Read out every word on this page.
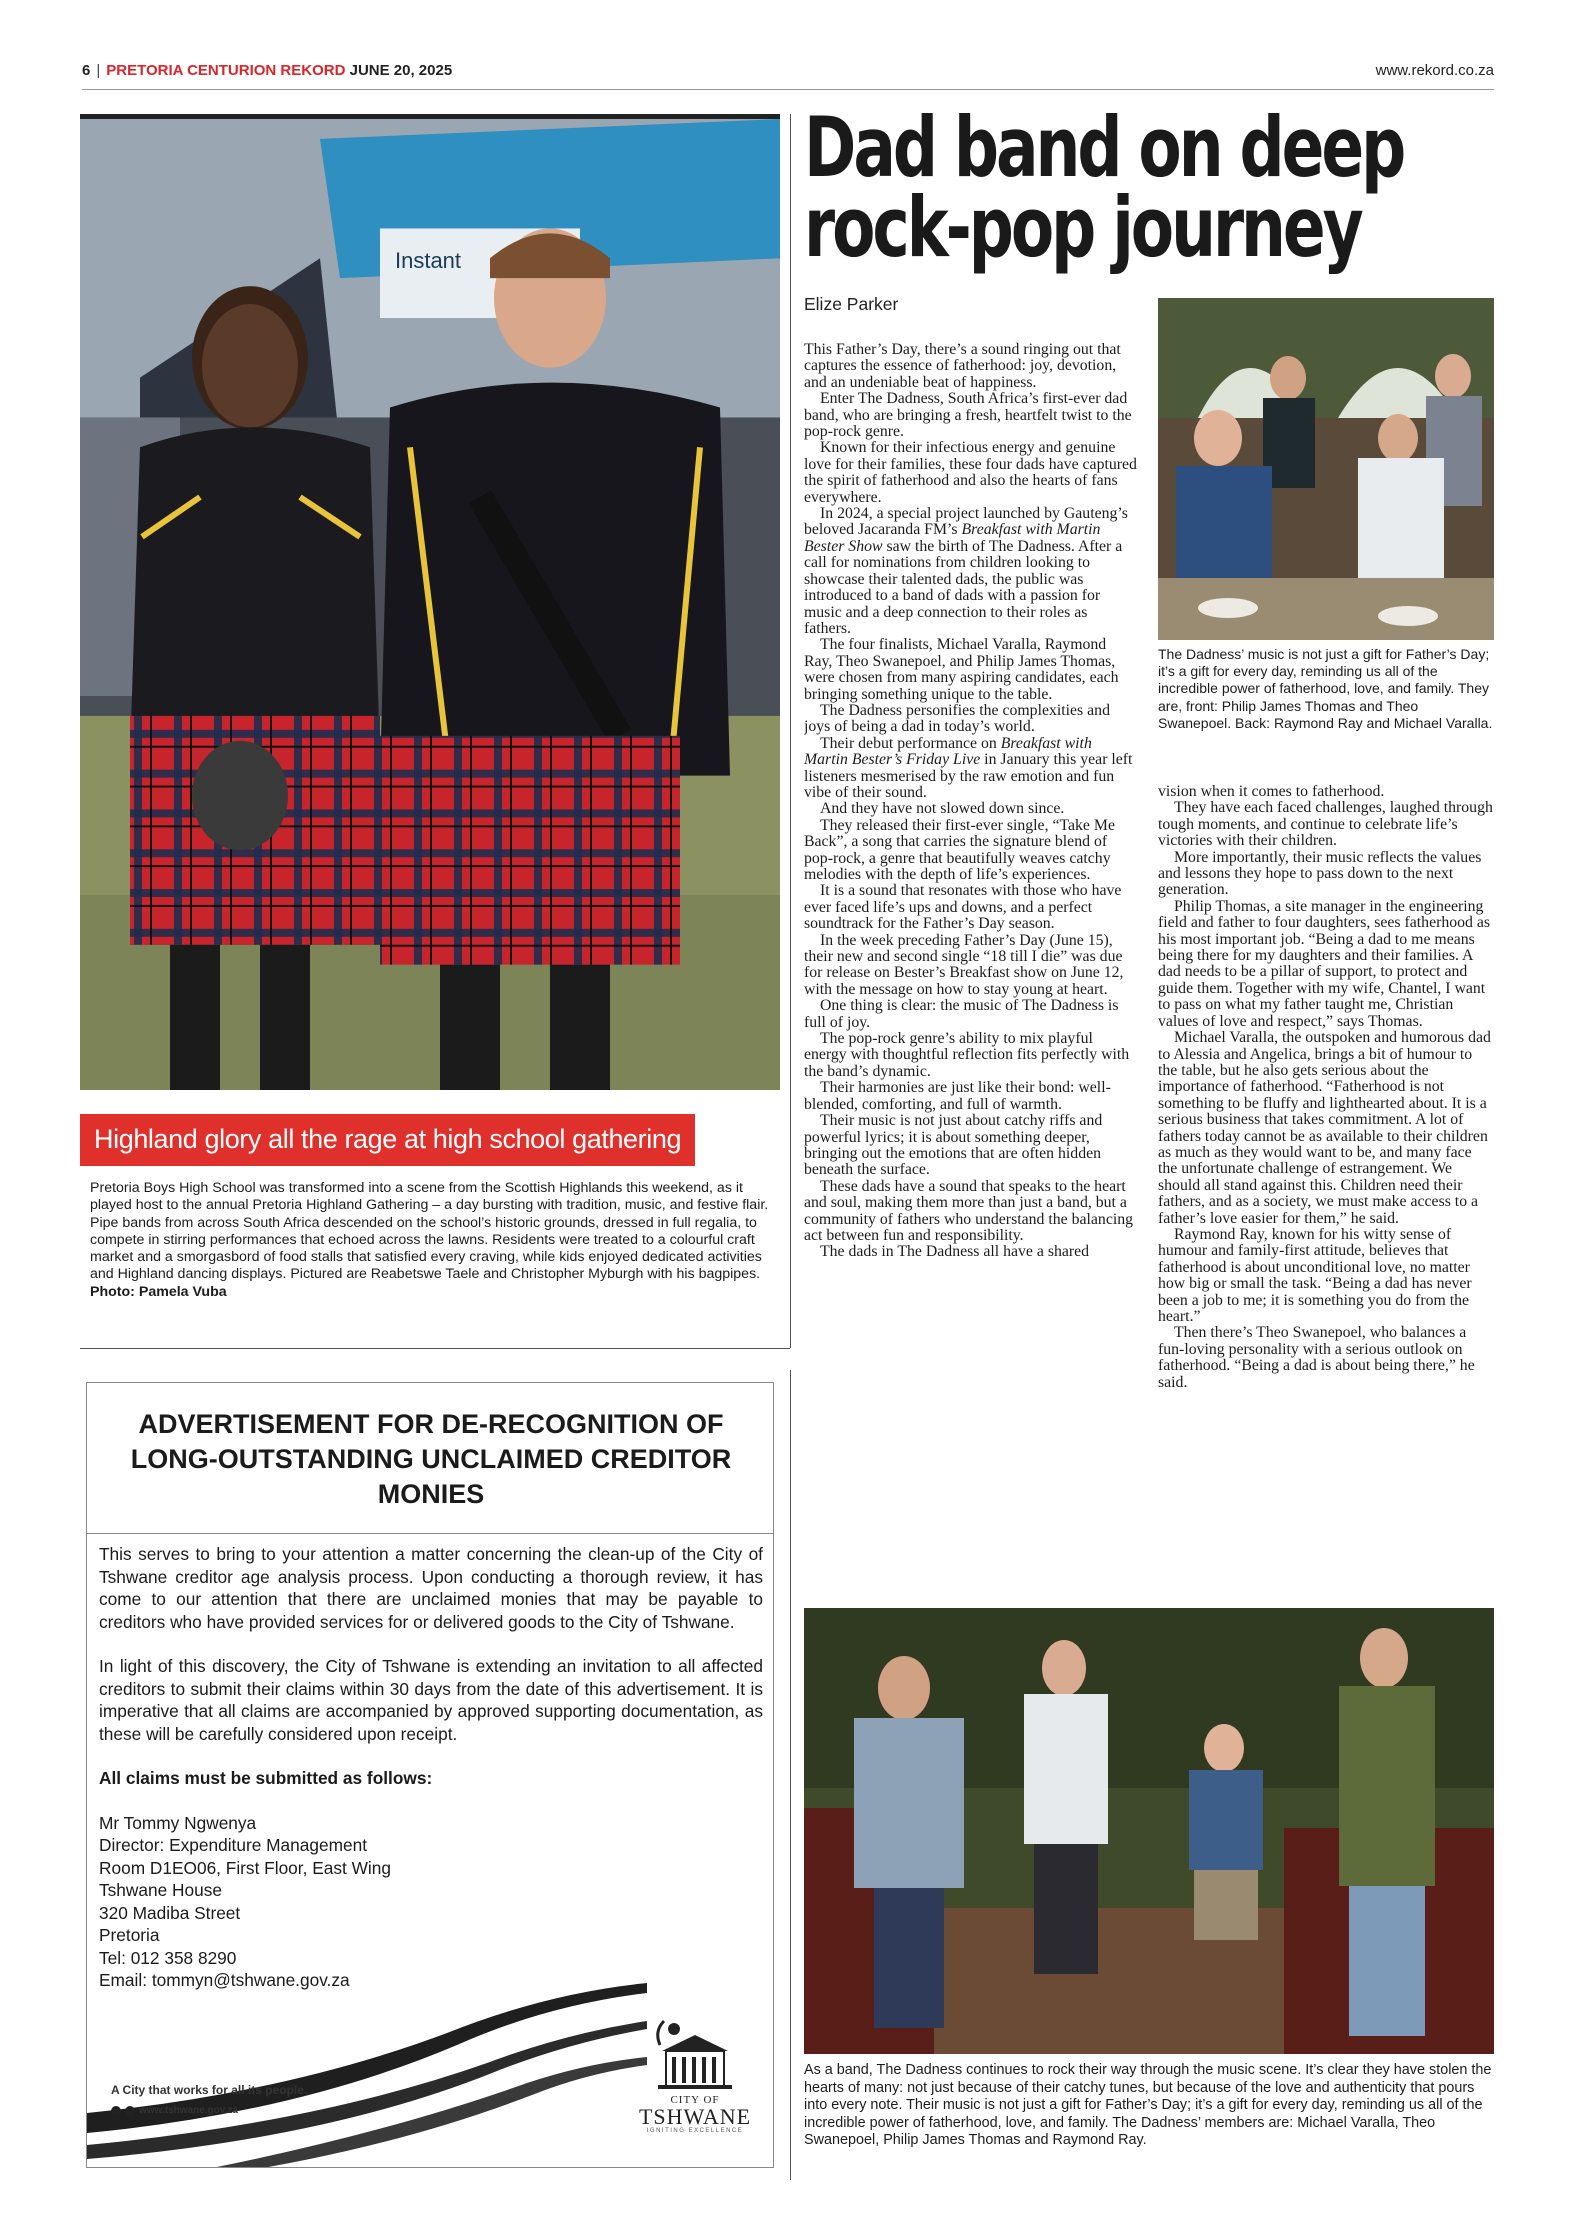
6 | PRETORIA CENTURION REKORD JUNE 20, 2025	www.rekord.co.za
Instant
Highland glory all the rage at high school gathering
Pretoria Boys High School was transformed into a scene from the Scottish Highlands this weekend, as it played host to the annual Pretoria Highland Gathering – a day bursting with tradition, music, and festive flair. Pipe bands from across South Africa descended on the school’s historic grounds, dressed in full regalia, to compete in stirring performances that echoed across the lawns. Residents were treated to a colourful craft market and a smorgasbord of food stalls that satisfied every craving, while kids enjoyed dedicated activities and Highland dancing displays. Pictured are Reabetswe Taele and Christopher Myburgh with his bagpipes. Photo: Pamela Vuba
ADVERTISEMENT FOR DE-RECOGNITION OF LONG-OUTSTANDING UNCLAIMED CREDITOR MONIES

This serves to bring to your attention a matter concerning the clean-up of the City of Tshwane creditor age analysis process. Upon conducting a thorough review, it has come to our attention that there are unclaimed monies that may be payable to creditors who have provided services for or delivered goods to the City of Tshwane.

In light of this discovery, the City of Tshwane is extending an invitation to all affected creditors to submit their claims within 30 days from the date of this advertisement. It is imperative that all claims are accompanied by approved supporting documentation, as these will be carefully considered upon receipt.

All claims must be submitted as follows:
Mr Tommy Ngwenya
Director: Expenditure Management
Room D1EO06, First Floor, East Wing
Tshwane House
320 Madiba Street
Pretoria
Tel: 012 358 8290
Email: tommyn@tshwane.gov.za
A City that works for all its people.
www.tshwane.gov.za
CITY OF
TSHWANE
IGNITING EXCELLENCE
Dad band on deep
rock-pop journey
Elize Parker
The Dadness’ music is not just a gift for Father’s Day; it’s a gift for every day, reminding us all of the incredible power of fatherhood, love, and family. They are, front: Philip James Thomas and Theo Swanepoel. Back: Raymond Ray and Michael Varalla.

This Father’s Day, there’s a sound ringing out that captures the essence of fatherhood: joy, devotion, and an undeniable beat of happiness.

Enter The Dadness, South Africa’s first-ever dad band, who are bringing a fresh, heartfelt twist to the pop-rock genre.

Known for their infectious energy and genuine love for their families, these four dads have captured the spirit of fatherhood and also the hearts of fans everywhere.

In 2024, a special project launched by Gauteng’s beloved Jacaranda FM’s Breakfast with Martin Bester Show saw the birth of The Dadness. After a call for nominations from children looking to showcase their talented dads, the public was introduced to a band of dads with a passion for music and a deep connection to their roles as fathers.

The four finalists, Michael Varalla, Raymond Ray, Theo Swanepoel, and Philip James Thomas, were chosen from many aspiring candidates, each bringing something unique to the table.

The Dadness personifies the complexities and joys of being a dad in today’s world.

Their debut performance on Breakfast with Martin Bester’s Friday Live in January this year left listeners mesmerised by the raw emotion and fun vibe of their sound.

And they have not slowed down since.

They released their first-ever single, “Take Me Back”, a song that carries the signature blend of pop-rock, a genre that beautifully weaves catchy melodies with the depth of life’s experiences.

It is a sound that resonates with those who have ever faced life’s ups and downs, and a perfect soundtrack for the Father’s Day season.

In the week preceding Father’s Day (June 15), their new and second single “18 till I die” was due for release on Bester’s Breakfast show on June 12, with the message on how to stay young at heart.

One thing is clear: the music of The Dadness is full of joy.

The pop-rock genre’s ability to mix playful energy with thoughtful reflection fits perfectly with the band’s dynamic.

Their harmonies are just like their bond: well-blended, comforting, and full of warmth.

Their music is not just about catchy riffs and powerful lyrics; it is about something deeper, bringing out the emotions that are often hidden beneath the surface.

These dads have a sound that speaks to the heart and soul, making them more than just a band, but a community of fathers who understand the balancing act between fun and responsibility.

The dads in The Dadness all have a shared

vision when it comes to fatherhood.

They have each faced challenges, laughed through tough moments, and continue to celebrate life’s victories with their children.

More importantly, their music reflects the values and lessons they hope to pass down to the next generation.

Philip Thomas, a site manager in the engineering field and father to four daughters, sees fatherhood as his most important job. “Being a dad to me means being there for my daughters and their families. A dad needs to be a pillar of support, to protect and guide them. Together with my wife, Chantel, I want to pass on what my father taught me, Christian values of love and respect,” says Thomas.

Michael Varalla, the outspoken and humorous dad to Alessia and Angelica, brings a bit of humour to the table, but he also gets serious about the importance of fatherhood. “Fatherhood is not something to be fluffy and lighthearted about. It is a serious business that takes commitment. A lot of fathers today cannot be as available to their children as much as they would want to be, and many face the unfortunate challenge of estrangement. We should all stand against this. Children need their fathers, and as a society, we must make access to a father’s love easier for them,” he said.

Raymond Ray, known for his witty sense of humour and family-first attitude, believes that fatherhood is about unconditional love, no matter how big or small the task. “Being a dad has never been a job to me; it is something you do from the heart.”

Then there’s Theo Swanepoel, who balances a fun-loving personality with a serious outlook on fatherhood. “Being a dad is about being there,” he said.

As a band, The Dadness continues to rock their way through the music scene. It’s clear they have stolen the hearts of many: not just because of their catchy tunes, but because of the love and authenticity that pours into every note. Their music is not just a gift for Father’s Day; it’s a gift for every day, reminding us all of the incredible power of fatherhood, love, and family. The Dadness’ members are: Michael Varalla, Theo Swanepoel, Philip James Thomas and Raymond Ray.
